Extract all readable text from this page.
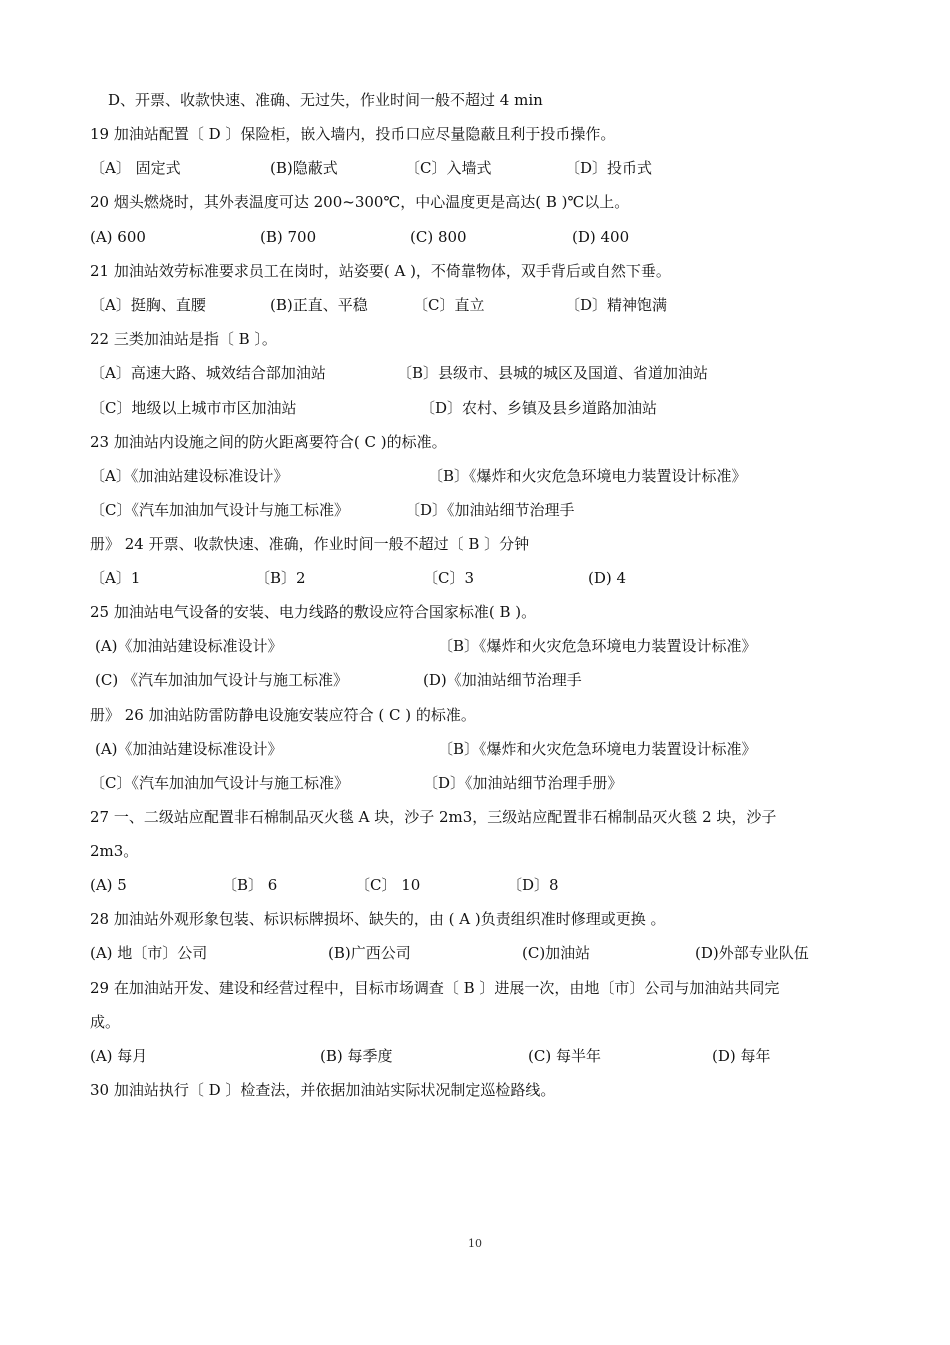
D、开票、收款快速、准确、无过失，作业时间一般不超过 4 min
19 加油站配置〔 D 〕保险柜，嵌入墙内，投币口应尽量隐蔽且利于投币操作。
〔A〕 固定式	(B)隐蔽式	〔C〕入墙式	〔D〕投币式
20 烟头燃烧时，其外表温度可达 200~300℃，中心温度更是高达( B )℃以上。
(A) 600	(B) 700	(C) 800	(D) 400
21 加油站效劳标准要求员工在岗时，站姿要( A )，不倚靠物体，双手背后或自然下垂。
〔A〕挺胸、直腰	(B)正直、平稳	〔C〕直立	〔D〕精神饱满
22 三类加油站是指〔 B 〕。
〔A〕高速大路、城效结合部加油站	〔B〕县级市、县城的城区及国道、省道加油站
〔C〕地级以上城市市区加油站	〔D〕农村、乡镇及县乡道路加油站
23 加油站内设施之间的防火距离要符合( C )的标准。
〔A〕《加油站建设标准设计》	〔B〕《爆炸和火灾危急环境电力装置设计标准》
〔C〕《汽车加油加气设计与施工标准》	〔D〕《加油站细节治理手
册》 24 开票、收款快速、准确，作业时间一般不超过〔 B 〕分钟
〔A〕1	〔B〕2	〔C〕3	(D) 4
25 加油站电气设备的安装、电力线路的敷设应符合国家标准( B )。
(A)《加油站建设标准设计》	〔B〕《爆炸和火灾危急环境电力装置设计标准》
(C) 《汽车加油加气设计与施工标准》	(D)《加油站细节治理手
册》 26 加油站防雷防静电设施安装应符合 ( C ) 的标准。
(A)《加油站建设标准设计》	〔B〕《爆炸和火灾危急环境电力装置设计标准》
〔C〕《汽车加油加气设计与施工标准》	〔D〕《加油站细节治理手册》
27 一、二级站应配置非石棉制品灭火毯 A 块，沙子 2m3，三级站应配置非石棉制品灭火毯 2 块，沙子
2m3。
(A) 5	〔B〕 6	〔C〕 10	〔D〕8
28 加油站外观形象包装、标识标牌损坏、缺失的，由 ( A )负责组织准时修理或更换 。
(A) 地〔市〕公司	(B)广西公司	(C)加油站	(D)外部专业队伍
29 在加油站开发、建设和经营过程中，目标市场调查〔 B 〕进展一次，由地〔市〕公司与加油站共同完
成。
(A) 每月	(B) 每季度	(C) 每半年	(D) 每年
30 加油站执行〔 D 〕检查法，并依据加油站实际状况制定巡检路线。
10
